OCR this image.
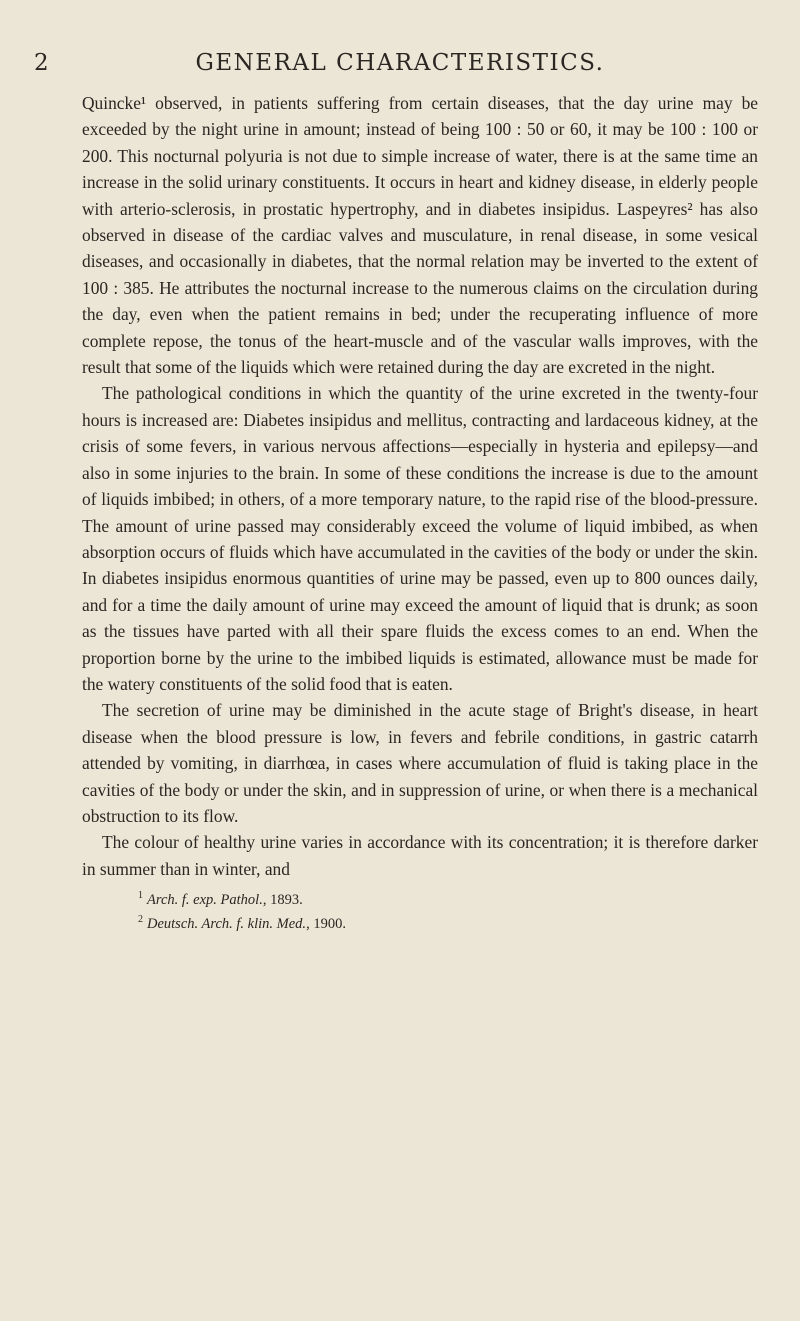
2	GENERAL CHARACTERISTICS.

Quincke¹ observed, in patients suffering from certain diseases, that the day urine may be exceeded by the night urine in amount; instead of being 100 : 50 or 60, it may be 100 : 100 or 200. This nocturnal polyuria is not due to simple increase of water, there is at the same time an increase in the solid urinary constituents. It occurs in heart and kidney disease, in elderly people with arterio-sclerosis, in prostatic hypertrophy, and in diabetes insipidus. Laspeyres² has also observed in disease of the cardiac valves and musculature, in renal disease, in some vesical diseases, and occasionally in diabetes, that the normal relation may be inverted to the extent of 100 : 385. He attributes the nocturnal increase to the numerous claims on the circulation during the day, even when the patient remains in bed; under the recuperating influence of more complete repose, the tonus of the heart-muscle and of the vascular walls improves, with the result that some of the liquids which were retained during the day are excreted in the night.

The pathological conditions in which the quantity of the urine excreted in the twenty-four hours is increased are: Diabetes insipidus and mellitus, contracting and lardaceous kidney, at the crisis of some fevers, in various nervous affections—especially in hysteria and epilepsy—and also in some injuries to the brain. In some of these conditions the increase is due to the amount of liquids imbibed; in others, of a more temporary nature, to the rapid rise of the blood-pressure. The amount of urine passed may considerably exceed the volume of liquid imbibed, as when absorption occurs of fluids which have accumulated in the cavities of the body or under the skin. In diabetes insipidus enormous quantities of urine may be passed, even up to 800 ounces daily, and for a time the daily amount of urine may exceed the amount of liquid that is drunk; as soon as the tissues have parted with all their spare fluids the excess comes to an end. When the proportion borne by the urine to the imbibed liquids is estimated, allowance must be made for the watery constituents of the solid food that is eaten.

The secretion of urine may be diminished in the acute stage of Bright's disease, in heart disease when the blood pressure is low, in fevers and febrile conditions, in gastric catarrh attended by vomiting, in diarrhœa, in cases where accumulation of fluid is taking place in the cavities of the body or under the skin, and in suppression of urine, or when there is a mechanical obstruction to its flow.

The colour of healthy urine varies in accordance with its concentration; it is therefore darker in summer than in winter, and

$^1$ Arch. f. exp. Pathol., 1893.
$^2$ Deutsch. Arch. f. klin. Med., 1900.
